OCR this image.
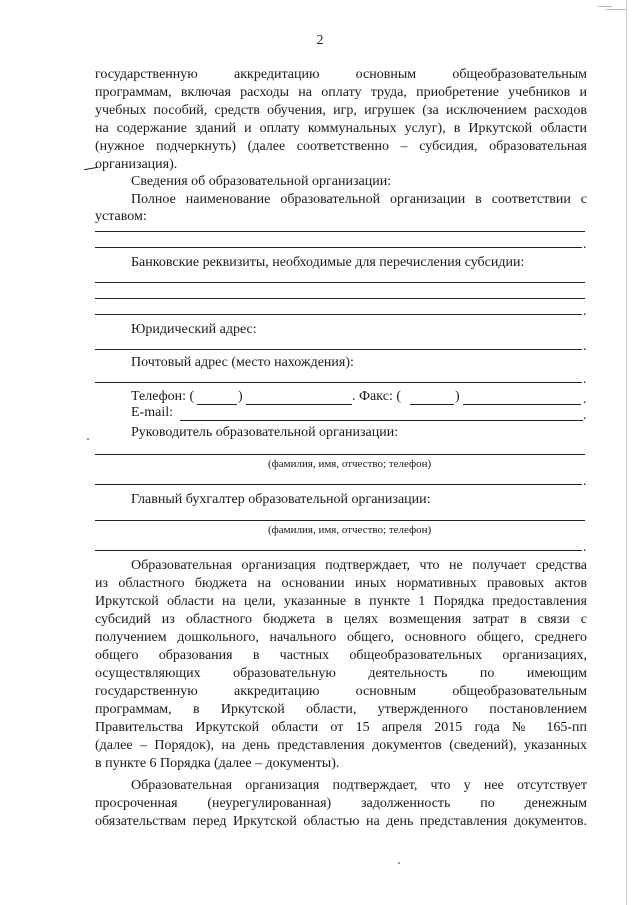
2
государственную аккредитацию основным общеобразовательным
программам, включая расходы на оплату труда, приобретение учебников и
учебных пособий, средств обучения, игр, игрушек (за исключением расходов
на содержание зданий и оплату коммунальных услуг), в Иркутской области
(нужное подчеркнуть) (далее соответственно – субсидия, образовательная
организация).
Сведения об образовательной организации:
Полное наименование образовательной организации в соответствии с
уставом:
.
Банковские реквизиты, необходимые для перечисления субсидии:
.
Юридический адрес:
.
Почтовый адрес (место нахождения):
.
Телефон: (	)	. Факс: (	)	.
E-mail:	.
Руководитель образовательной организации:
(фамилия, имя, отчество; телефон)
.
Главный бухгалтер образовательной организации:
(фамилия, имя, отчество; телефон)
.
Образовательная организация подтверждает, что не получает средства
из областного бюджета на основании иных нормативных правовых актов
Иркутской области на цели, указанные в пункте 1 Порядка предоставления
субсидий из областного бюджета в целях возмещения затрат в связи с
получением дошкольного, начального общего, основного общего, среднего
общего образования в частных общеобразовательных организациях,
осуществляющих образовательную деятельность по имеющим
государственную аккредитацию основным общеобразовательным
программам, в Иркутской области, утвержденного постановлением
Правительства Иркутской области от 15 апреля 2015 года № 165-пп
(далее – Порядок), на день представления документов (сведений), указанных
в пункте 6 Порядка (далее – документы).
Образовательная организация подтверждает, что у нее отсутствует
просроченная (неурегулированная) задолженность по денежным
обязательствам перед Иркутской областью на день представления документов.
